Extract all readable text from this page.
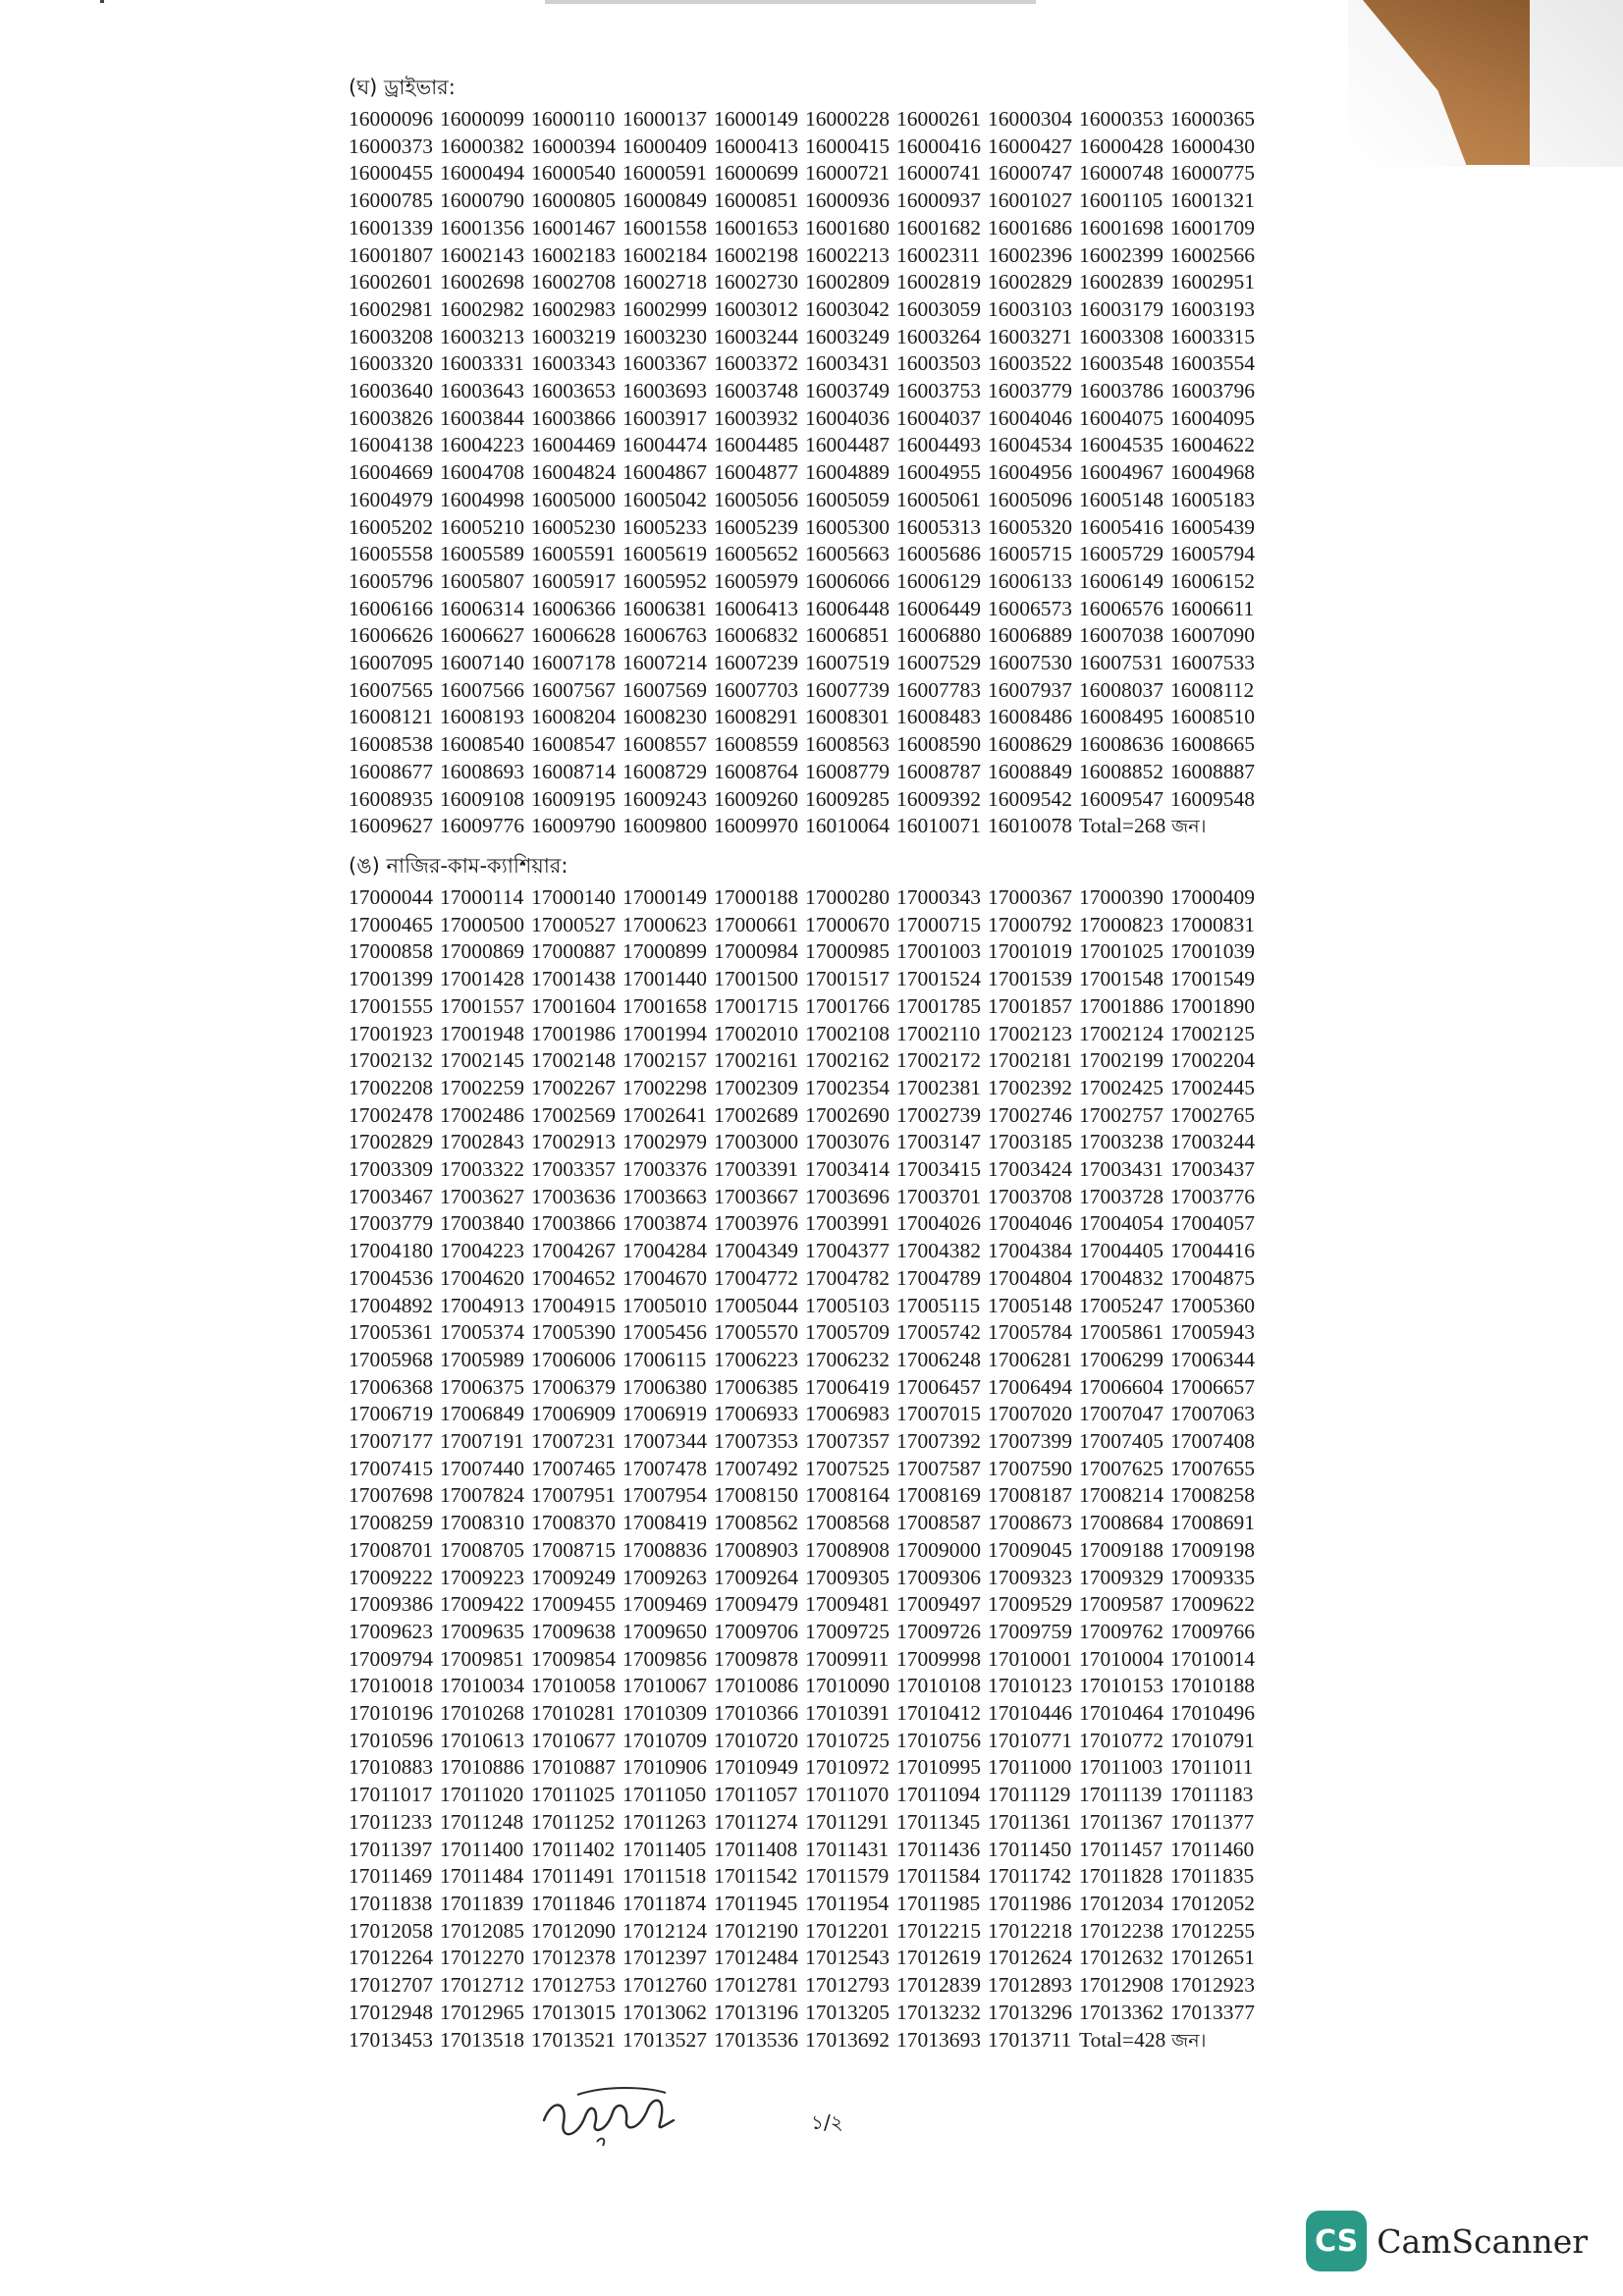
(ঘ) ড্রাইভার:
16000096 16000099 16000110 16000137 16000149 16000228 16000261 16000304 16000353 16000365
16000373 16000382 16000394 16000409 16000413 16000415 16000416 16000427 16000428 16000430
16000455 16000494 16000540 16000591 16000699 16000721 16000741 16000747 16000748 16000775
16000785 16000790 16000805 16000849 16000851 16000936 16000937 16001027 16001105 16001321
16001339 16001356 16001467 16001558 16001653 16001680 16001682 16001686 16001698 16001709
16001807 16002143 16002183 16002184 16002198 16002213 16002311 16002396 16002399 16002566
16002601 16002698 16002708 16002718 16002730 16002809 16002819 16002829 16002839 16002951
16002981 16002982 16002983 16002999 16003012 16003042 16003059 16003103 16003179 16003193
16003208 16003213 16003219 16003230 16003244 16003249 16003264 16003271 16003308 16003315
16003320 16003331 16003343 16003367 16003372 16003431 16003503 16003522 16003548 16003554
16003640 16003643 16003653 16003693 16003748 16003749 16003753 16003779 16003786 16003796
16003826 16003844 16003866 16003917 16003932 16004036 16004037 16004046 16004075 16004095
16004138 16004223 16004469 16004474 16004485 16004487 16004493 16004534 16004535 16004622
16004669 16004708 16004824 16004867 16004877 16004889 16004955 16004956 16004967 16004968
16004979 16004998 16005000 16005042 16005056 16005059 16005061 16005096 16005148 16005183
16005202 16005210 16005230 16005233 16005239 16005300 16005313 16005320 16005416 16005439
16005558 16005589 16005591 16005619 16005652 16005663 16005686 16005715 16005729 16005794
16005796 16005807 16005917 16005952 16005979 16006066 16006129 16006133 16006149 16006152
16006166 16006314 16006366 16006381 16006413 16006448 16006449 16006573 16006576 16006611
16006626 16006627 16006628 16006763 16006832 16006851 16006880 16006889 16007038 16007090
16007095 16007140 16007178 16007214 16007239 16007519 16007529 16007530 16007531 16007533
16007565 16007566 16007567 16007569 16007703 16007739 16007783 16007937 16008037 16008112
16008121 16008193 16008204 16008230 16008291 16008301 16008483 16008486 16008495 16008510
16008538 16008540 16008547 16008557 16008559 16008563 16008590 16008629 16008636 16008665
16008677 16008693 16008714 16008729 16008764 16008779 16008787 16008849 16008852 16008887
16008935 16009108 16009195 16009243 16009260 16009285 16009392 16009542 16009547 16009548
16009627 16009776 16009790 16009800 16009970 16010064 16010071 16010078 Total=268 জন।
(ঙ) নাজির-কাম-ক্যাশিয়ার:
17000044 17000114 17000140 17000149 17000188 17000280 17000343 17000367 17000390 17000409
17000465 17000500 17000527 17000623 17000661 17000670 17000715 17000792 17000823 17000831
17000858 17000869 17000887 17000899 17000984 17000985 17001003 17001019 17001025 17001039
17001399 17001428 17001438 17001440 17001500 17001517 17001524 17001539 17001548 17001549
17001555 17001557 17001604 17001658 17001715 17001766 17001785 17001857 17001886 17001890
17001923 17001948 17001986 17001994 17002010 17002108 17002110 17002123 17002124 17002125
17002132 17002145 17002148 17002157 17002161 17002162 17002172 17002181 17002199 17002204
17002208 17002259 17002267 17002298 17002309 17002354 17002381 17002392 17002425 17002445
17002478 17002486 17002569 17002641 17002689 17002690 17002739 17002746 17002757 17002765
17002829 17002843 17002913 17002979 17003000 17003076 17003147 17003185 17003238 17003244
17003309 17003322 17003357 17003376 17003391 17003414 17003415 17003424 17003431 17003437
17003467 17003627 17003636 17003663 17003667 17003696 17003701 17003708 17003728 17003776
17003779 17003840 17003866 17003874 17003976 17003991 17004026 17004046 17004054 17004057
17004180 17004223 17004267 17004284 17004349 17004377 17004382 17004384 17004405 17004416
17004536 17004620 17004652 17004670 17004772 17004782 17004789 17004804 17004832 17004875
17004892 17004913 17004915 17005010 17005044 17005103 17005115 17005148 17005247 17005360
17005361 17005374 17005390 17005456 17005570 17005709 17005742 17005784 17005861 17005943
17005968 17005989 17006006 17006115 17006223 17006232 17006248 17006281 17006299 17006344
17006368 17006375 17006379 17006380 17006385 17006419 17006457 17006494 17006604 17006657
17006719 17006849 17006909 17006919 17006933 17006983 17007015 17007020 17007047 17007063
17007177 17007191 17007231 17007344 17007353 17007357 17007392 17007399 17007405 17007408
17007415 17007440 17007465 17007478 17007492 17007525 17007587 17007590 17007625 17007655
17007698 17007824 17007951 17007954 17008150 17008164 17008169 17008187 17008214 17008258
17008259 17008310 17008370 17008419 17008562 17008568 17008587 17008673 17008684 17008691
17008701 17008705 17008715 17008836 17008903 17008908 17009000 17009045 17009188 17009198
17009222 17009223 17009249 17009263 17009264 17009305 17009306 17009323 17009329 17009335
17009386 17009422 17009455 17009469 17009479 17009481 17009497 17009529 17009587 17009622
17009623 17009635 17009638 17009650 17009706 17009725 17009726 17009759 17009762 17009766
17009794 17009851 17009854 17009856 17009878 17009911 17009998 17010001 17010004 17010014
17010018 17010034 17010058 17010067 17010086 17010090 17010108 17010123 17010153 17010188
17010196 17010268 17010281 17010309 17010366 17010391 17010412 17010446 17010464 17010496
17010596 17010613 17010677 17010709 17010720 17010725 17010756 17010771 17010772 17010791
17010883 17010886 17010887 17010906 17010949 17010972 17010995 17011000 17011003 17011011
17011017 17011020 17011025 17011050 17011057 17011070 17011094 17011129 17011139 17011183
17011233 17011248 17011252 17011263 17011274 17011291 17011345 17011361 17011367 17011377
17011397 17011400 17011402 17011405 17011408 17011431 17011436 17011450 17011457 17011460
17011469 17011484 17011491 17011518 17011542 17011579 17011584 17011742 17011828 17011835
17011838 17011839 17011846 17011874 17011945 17011954 17011985 17011986 17012034 17012052
17012058 17012085 17012090 17012124 17012190 17012201 17012215 17012218 17012238 17012255
17012264 17012270 17012378 17012397 17012484 17012543 17012619 17012624 17012632 17012651
17012707 17012712 17012753 17012760 17012781 17012793 17012839 17012893 17012908 17012923
17012948 17012965 17013015 17013062 17013196 17013205 17013232 17013296 17013362 17013377
17013453 17013518 17013521 17013527 17013536 17013692 17013693 17013711 Total=428 জন।
১/২
CS CamScanner
